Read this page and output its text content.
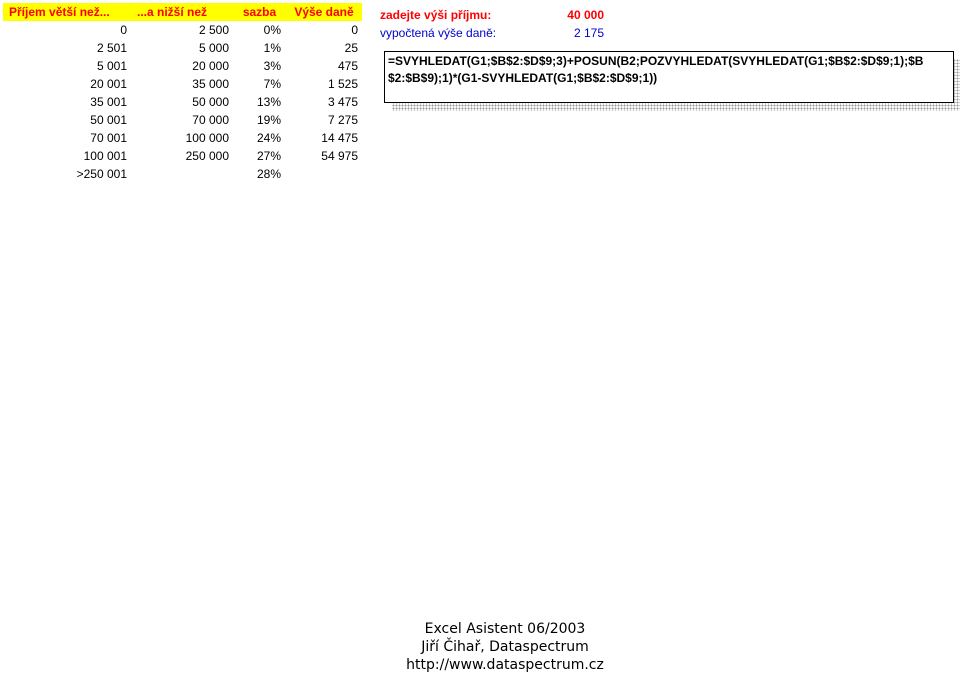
Příjem větší než...	...a nižší než	sazba	Výše daně
0	2 500	0%	0
2 501	5 000	1%	25
5 001	20 000	3%	475
20 001	35 000	7%	1 525
35 001	50 000	13%	3 475
50 001	70 000	19%	7 275
70 001	100 000	24%	14 475
100 001	250 000	27%	54 975
>250 001		28%	
zadejte výši příjmu:	40 000
vypočtená výše daně:	2 175
=SVYHLEDAT(G1;$B$2:$D$9;3)+POSUN(B2;POZVYHLEDAT(SVYHLEDAT(G1;$B$2:$D$9;1);$B$2:$B$9);1)*(G1-SVYHLEDAT(G1;$B$2:$D$9;1))
Excel Asistent 06/2003
Jiří Čihař, Dataspectrum
http://www.dataspectrum.cz
